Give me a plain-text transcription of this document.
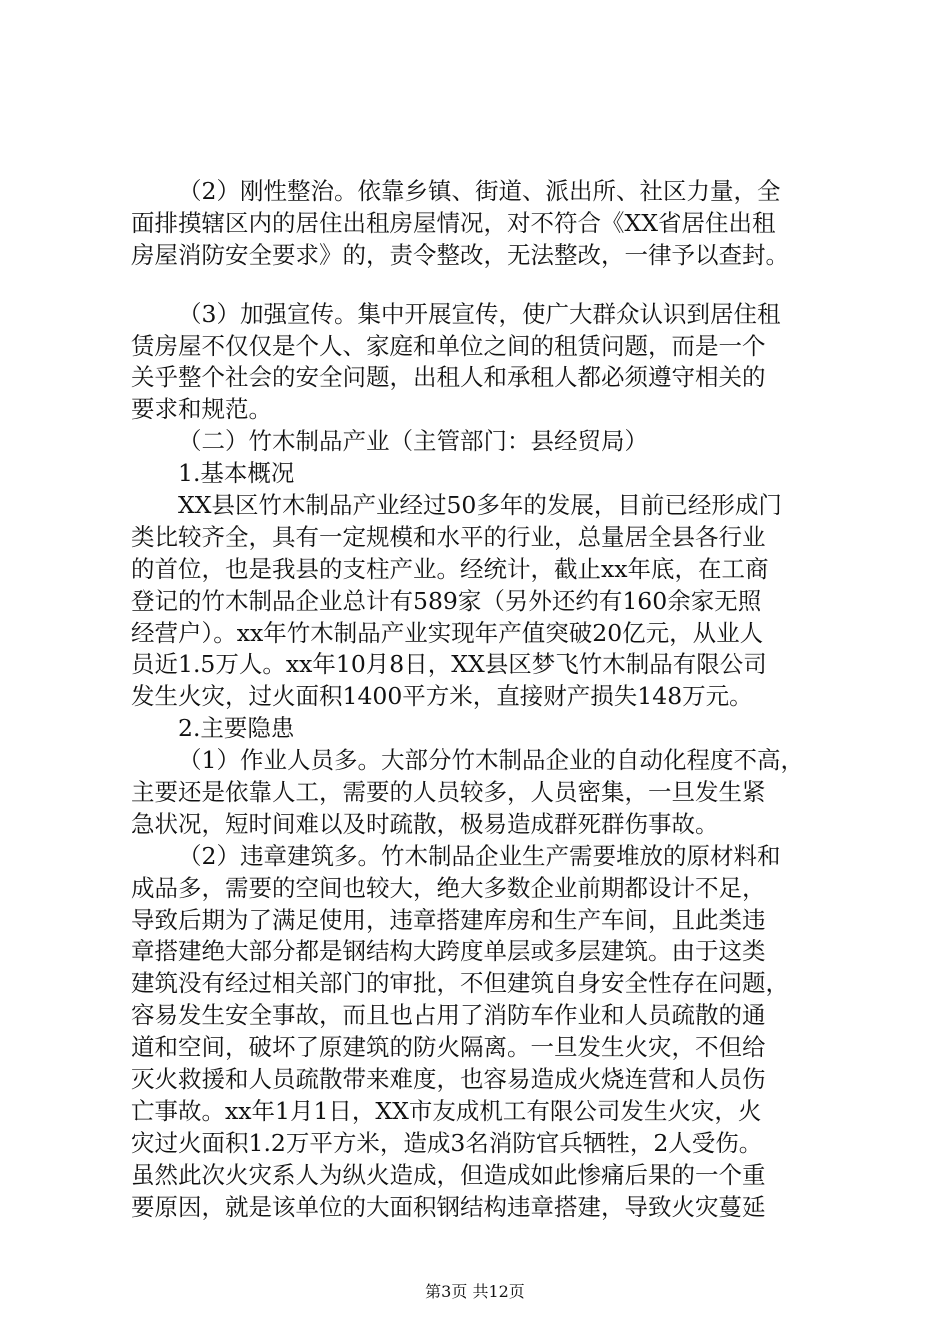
（2）刚性整治。依靠乡镇、街道、派出所、社区力量，全
面排摸辖区内的居住出租房屋情况，对不符合《XX省居住出租
房屋消防安全要求》的，责令整改，无法整改，一律予以查封。
（3）加强宣传。集中开展宣传，使广大群众认识到居住租
赁房屋不仅仅是个人、家庭和单位之间的租赁问题，而是一个
关乎整个社会的安全问题，出租人和承租人都必须遵守相关的
要求和规范。
（二）竹木制品产业（主管部门：县经贸局）
1.基本概况
XX县区竹木制品产业经过50多年的发展，目前已经形成门
类比较齐全，具有一定规模和水平的行业，总量居全县各行业
的首位，也是我县的支柱产业。经统计，截止xx年底，在工商
登记的竹木制品企业总计有589家（另外还约有160余家无照
经营户）。xx年竹木制品产业实现年产值突破20亿元，从业人
员近1.5万人。xx年10月8日，XX县区梦飞竹木制品有限公司
发生火灾，过火面积1400平方米，直接财产损失148万元。
2.主要隐患
（1）作业人员多。大部分竹木制品企业的自动化程度不高，
主要还是依靠人工，需要的人员较多，人员密集，一旦发生紧
急状况，短时间难以及时疏散，极易造成群死群伤事故。
（2）违章建筑多。竹木制品企业生产需要堆放的原材料和
成品多，需要的空间也较大，绝大多数企业前期都设计不足，
导致后期为了满足使用，违章搭建库房和生产车间，且此类违
章搭建绝大部分都是钢结构大跨度单层或多层建筑。由于这类
建筑没有经过相关部门的审批，不但建筑自身安全性存在问题，
容易发生安全事故，而且也占用了消防车作业和人员疏散的通
道和空间，破坏了原建筑的防火隔离。一旦发生火灾，不但给
灭火救援和人员疏散带来难度，也容易造成火烧连营和人员伤
亡事故。xx年1月1日，XX市友成机工有限公司发生火灾，火
灾过火面积1.2万平方米，造成3名消防官兵牺牲，2人受伤。
虽然此次火灾系人为纵火造成，但造成如此惨痛后果的一个重
要原因，就是该单位的大面积钢结构违章搭建，导致火灾蔓延
第3页 共12页
